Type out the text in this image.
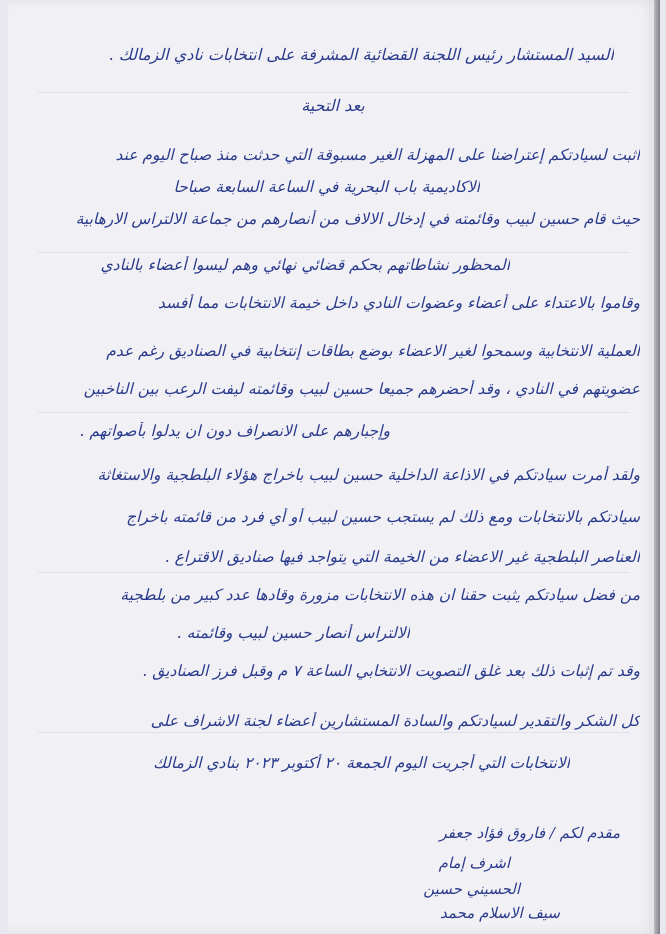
السيد المستشار رئيس اللجنة القضائية المشرفة على انتخابات نادي الزمالك .
بعد التحية
اثبت لسيادتكم إعتراضنا على المهزلة الغير مسبوقة التي حدثت منذ صباح اليوم عند
الاكاديمية باب البحرية في الساعة السابعة صباحا
حيث قام حسين لبيب وقائمته في إدخال الالاف من أنصارهم من جماعة الالتراس الارهابية
المحظور نشاطاتهم بحكم قضائي نهائي وهم ليسوا أعضاء بالنادي
وقاموا بالاعتداء على أعضاء وعضوات النادي داخل خيمة الانتخابات مما أفسد
العملية الانتخابية وسمحوا لغير الاعضاء بوضع بطاقات إنتخابية في الصناديق رغم عدم
عضويتهم في النادي ، وقد أحضرهم جميعا حسين لبيب وقائمته ليفت الرعب بين الناخبين
وإجبارهم على الانصراف دون ان يدلوا بأصواتهم .
ولقد أمرت سيادتكم في الاذاعة الداخلية حسين لبيب باخراج هؤلاء البلطجية والاستغاثة
سيادتكم بالانتخابات ومع ذلك لم يستجب حسين لبيب أو أي فرد من قائمته باخراج
العناصر البلطجية غير الاعضاء من الخيمة التي يتواجد فيها صناديق الاقتراع .
من فضل سيادتكم يثبت حقنا ان هذه الانتخابات مزورة وقادها عدد كبير من بلطجية
الالتراس أنصار حسين لبيب وقائمته .
وقد تم إثبات ذلك بعد غلق التصويت الانتخابي الساعة ٧ م وقبل فرز الصناديق .
كل الشكر والتقدير لسيادتكم والسادة المستشارين أعضاء لجنة الاشراف على
الانتخابات التي أجريت اليوم الجمعة ٢٠ أكتوبر ٢٠٢٣ بنادي الزمالك
مقدم لكم / فاروق فؤاد جعفر
اشرف إمام
الحسيني حسين
سيف الاسلام محمد
